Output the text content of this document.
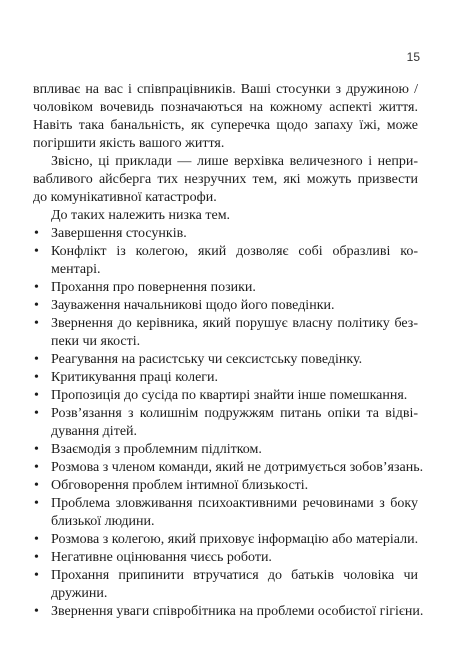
15
впливає на вас і співпрацівників. Ваші стосунки з дружиною /
чоловіком вочевидь позначаються на кожному аспекті життя.
Навіть така банальність, як суперечка щодо запаху їжі, може
погіршити якість вашого життя.
Звісно, ці приклади — лише верхівка величезного і непри-
вабливого айсберга тих незручних тем, які можуть призвести
до комунікативної катастрофи.
До таких належить низка тем.
• Завершення стосунків.
• Конфлікт із колегою, який дозволяє собі образливі ко-
ментарі.
• Прохання про повернення позики.
• Зауваження начальникові щодо його поведінки.
• Звернення до керівника, який порушує власну політику без-
пеки чи якості.
• Реагування на расистську чи сексистську поведінку.
• Критикування праці колеги.
• Пропозиція до сусіда по квартирі знайти інше помешкання.
• Розв’язання з колишнім подружжям питань опіки та відві-
дування дітей.
• Взаємодія з проблемним підлітком.
• Розмова з членом команди, який не дотримується зобов’язань.
• Обговорення проблем інтимної близькості.
• Проблема зловживання психоактивними речовинами з боку
близької людини.
• Розмова з колегою, який приховує інформацію або матеріали.
• Негативне оцінювання чиєсь роботи.
• Прохання припинити втручатися до батьків чоловіка чи
дружини.
• Звернення уваги співробітника на проблеми особистої гігієни.
